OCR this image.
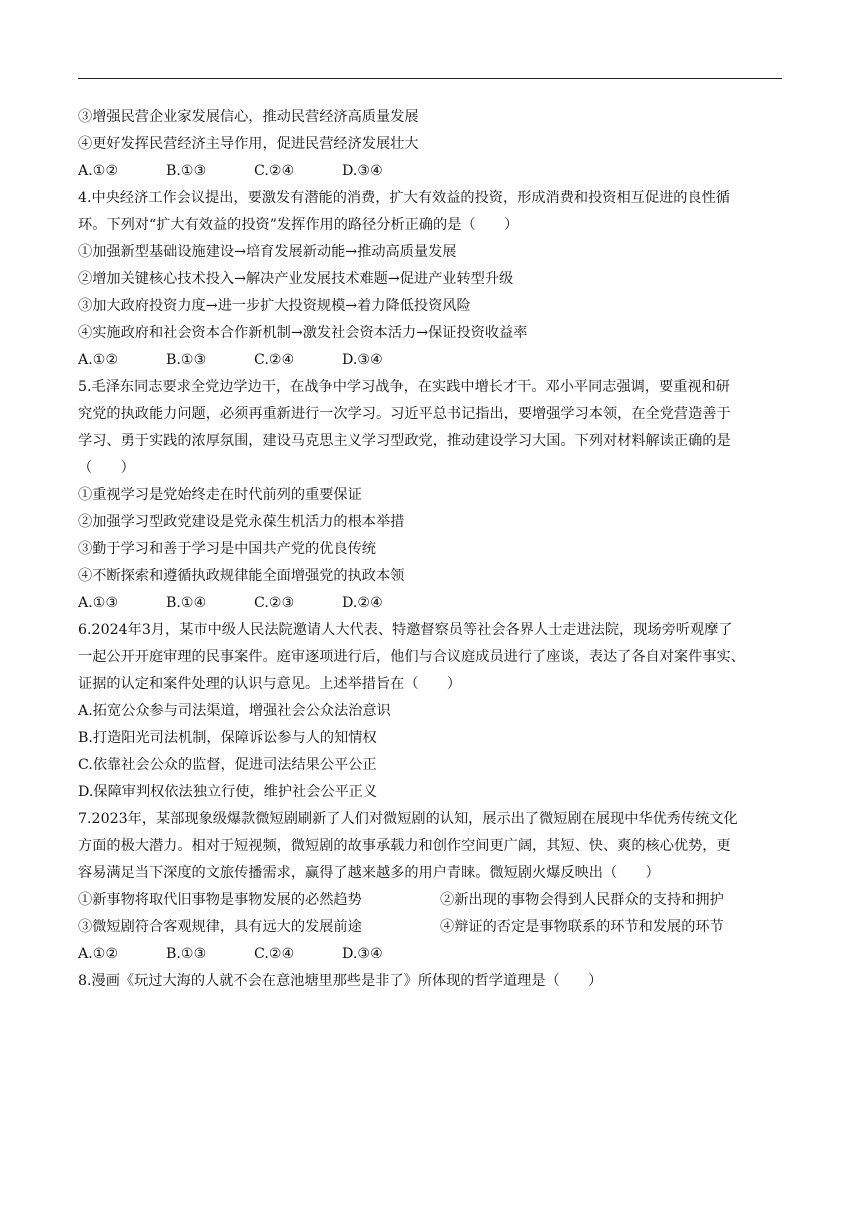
③增强民营企业家发展信心，推动民营经济高质量发展
④更好发挥民营经济主导作用，促进民营经济发展壮大
A.①②	B.①③	C.②④	D.③④
4.中央经济工作会议提出，要激发有潜能的消费，扩大有效益的投资，形成消费和投资相互促进的良性循
环。下列对“扩大有效益的投资”发挥作用的路径分析正确的是（　　）
①加强新型基础设施建设→培育发展新动能→推动高质量发展
②增加关键核心技术投入→解决产业发展技术难题→促进产业转型升级
③加大政府投资力度→进一步扩大投资规模→着力降低投资风险
④实施政府和社会资本合作新机制→激发社会资本活力→保证投资收益率
A.①②	B.①③	C.②④	D.③④
5.毛泽东同志要求全党边学边干，在战争中学习战争，在实践中增长才干。邓小平同志强调，要重视和研
究党的执政能力问题，必须再重新进行一次学习。习近平总书记指出，要增强学习本领，在全党营造善于
学习、勇于实践的浓厚氛围，建设马克思主义学习型政党，推动建设学习大国。下列对材料解读正确的是
（　　）
①重视学习是党始终走在时代前列的重要保证
②加强学习型政党建设是党永葆生机活力的根本举措
③勤于学习和善于学习是中国共产党的优良传统
④不断探索和遵循执政规律能全面增强党的执政本领
A.①③	B.①④	C.②③	D.②④
6.2024年3月，某市中级人民法院邀请人大代表、特邀督察员等社会各界人士走进法院，现场旁听观摩了
一起公开开庭审理的民事案件。庭审逐项进行后，他们与合议庭成员进行了座谈，表达了各自对案件事实、
证据的认定和案件处理的认识与意见。上述举措旨在（　　）
A.拓宽公众参与司法渠道，增强社会公众法治意识
B.打造阳光司法机制，保障诉讼参与人的知情权
C.依靠社会公众的监督，促进司法结果公平公正
D.保障审判权依法独立行使，维护社会公平正义
7.2023年，某部现象级爆款微短剧刷新了人们对微短剧的认知，展示出了微短剧在展现中华优秀传统文化
方面的极大潜力。相对于短视频，微短剧的故事承载力和创作空间更广阔，其短、快、爽的核心优势，更
容易满足当下深度的文旅传播需求，赢得了越来越多的用户青睐。微短剧火爆反映出（　　）
①新事物将取代旧事物是事物发展的必然趋势	②新出现的事物会得到人民群众的支持和拥护
③微短剧符合客观规律，具有远大的发展前途	④辩证的否定是事物联系的环节和发展的环节
A.①②	B.①③	C.②④	D.③④
8.漫画《玩过大海的人就不会在意池塘里那些是非了》所体现的哲学道理是（　　）
